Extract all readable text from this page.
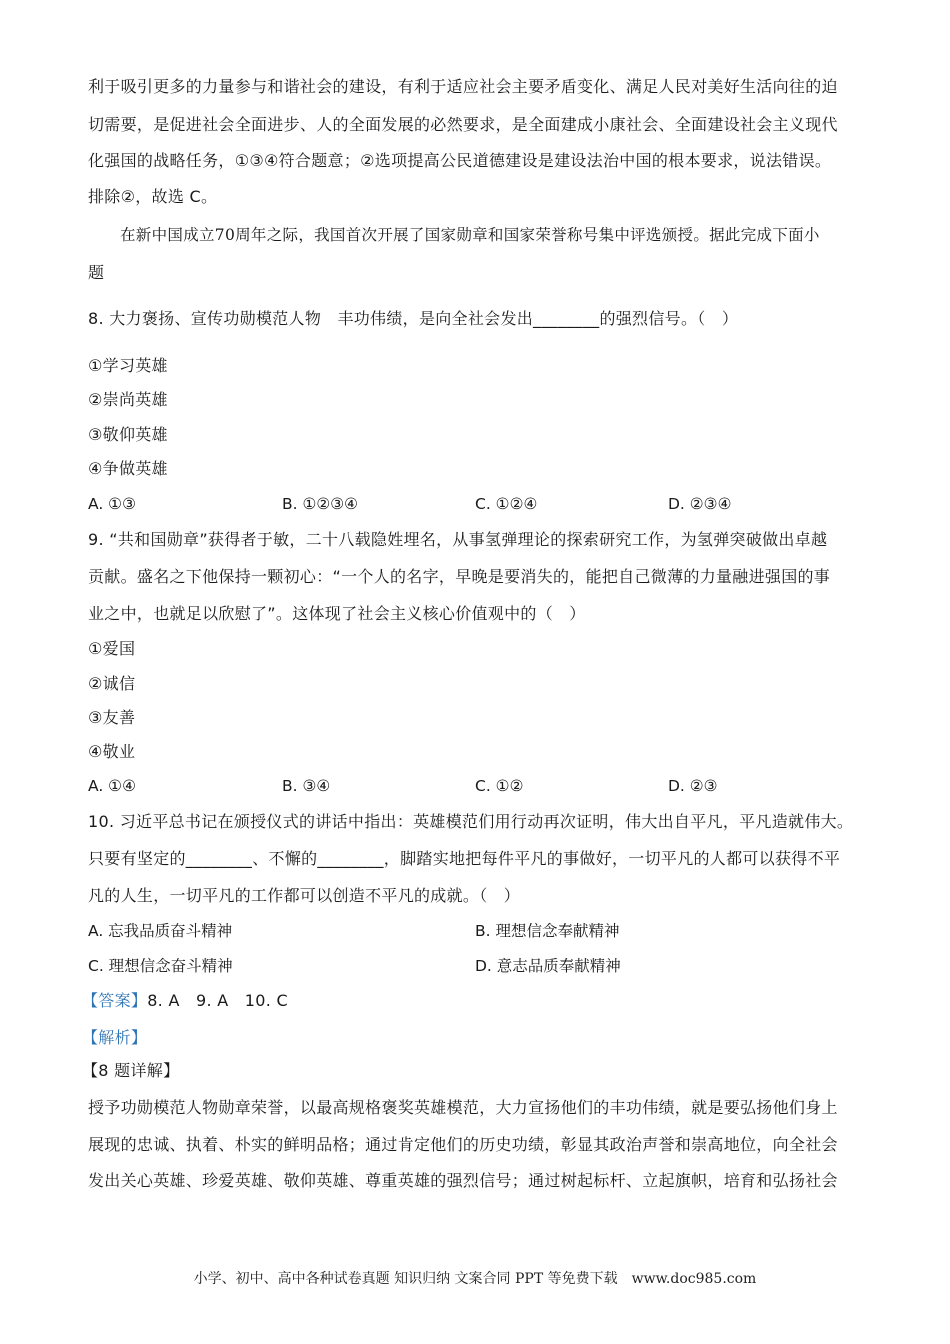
利于吸引更多的力量参与和谐社会的建设，有利于适应社会主要矛盾变化、满足人民对美好生活向往的迫
切需要，是促进社会全面进步、人的全面发展的必然要求，是全面建成小康社会、全面建设社会主义现代
化强国的战略任务，①③④符合题意；②选项提高公民道德建设是建设法治中国的根本要求，说法错误。
排除②，故选 C。
在新中国成立70周年之际，我国首次开展了国家勋章和国家荣誉称号集中评选颁授。据此完成下面小
题
8. 大力褒扬、宣传功勋模范人物　丰功伟绩，是向全社会发出________的强烈信号。（　）
①学习英雄
②崇尚英雄
③敬仰英雄
④争做英雄
A. ①③	B. ①②③④	C. ①②④	D. ②③④
9. “共和国勋章”获得者于敏，二十八载隐姓埋名，从事氢弹理论的探索研究工作，为氢弹突破做出卓越
贡献。盛名之下他保持一颗初心：“一个人的名字，早晚是要消失的，能把自己微薄的力量融进强国的事
业之中，也就足以欣慰了”。这体现了社会主义核心价值观中的（　）
①爱国
②诚信
③友善
④敬业
A. ①④	B. ③④	C. ①②	D. ②③
10. 习近平总书记在颁授仪式的讲话中指出：英雄模范们用行动再次证明，伟大出自平凡，平凡造就伟大。
只要有坚定的________、不懈的________，脚踏实地把每件平凡的事做好，一切平凡的人都可以获得不平
凡的人生，一切平凡的工作都可以创造不平凡的成就。（　）
A. 忘我品质奋斗精神	B. 理想信念奉献精神
C. 理想信念奋斗精神	D. 意志品质奉献精神
【答案】8. A　9. A　10. C
【解析】
【8 题详解】
授予功勋模范人物勋章荣誉，以最高规格褒奖英雄模范，大力宣扬他们的丰功伟绩，就是要弘扬他们身上
展现的忠诚、执着、朴实的鲜明品格；通过肯定他们的历史功绩，彰显其政治声誉和崇高地位，向全社会
发出关心英雄、珍爱英雄、敬仰英雄、尊重英雄的强烈信号；通过树起标杆、立起旗帜，培育和弘扬社会
小学、初中、高中各种试卷真题 知识归纳 文案合同 PPT 等免费下载　www.doc985.com
